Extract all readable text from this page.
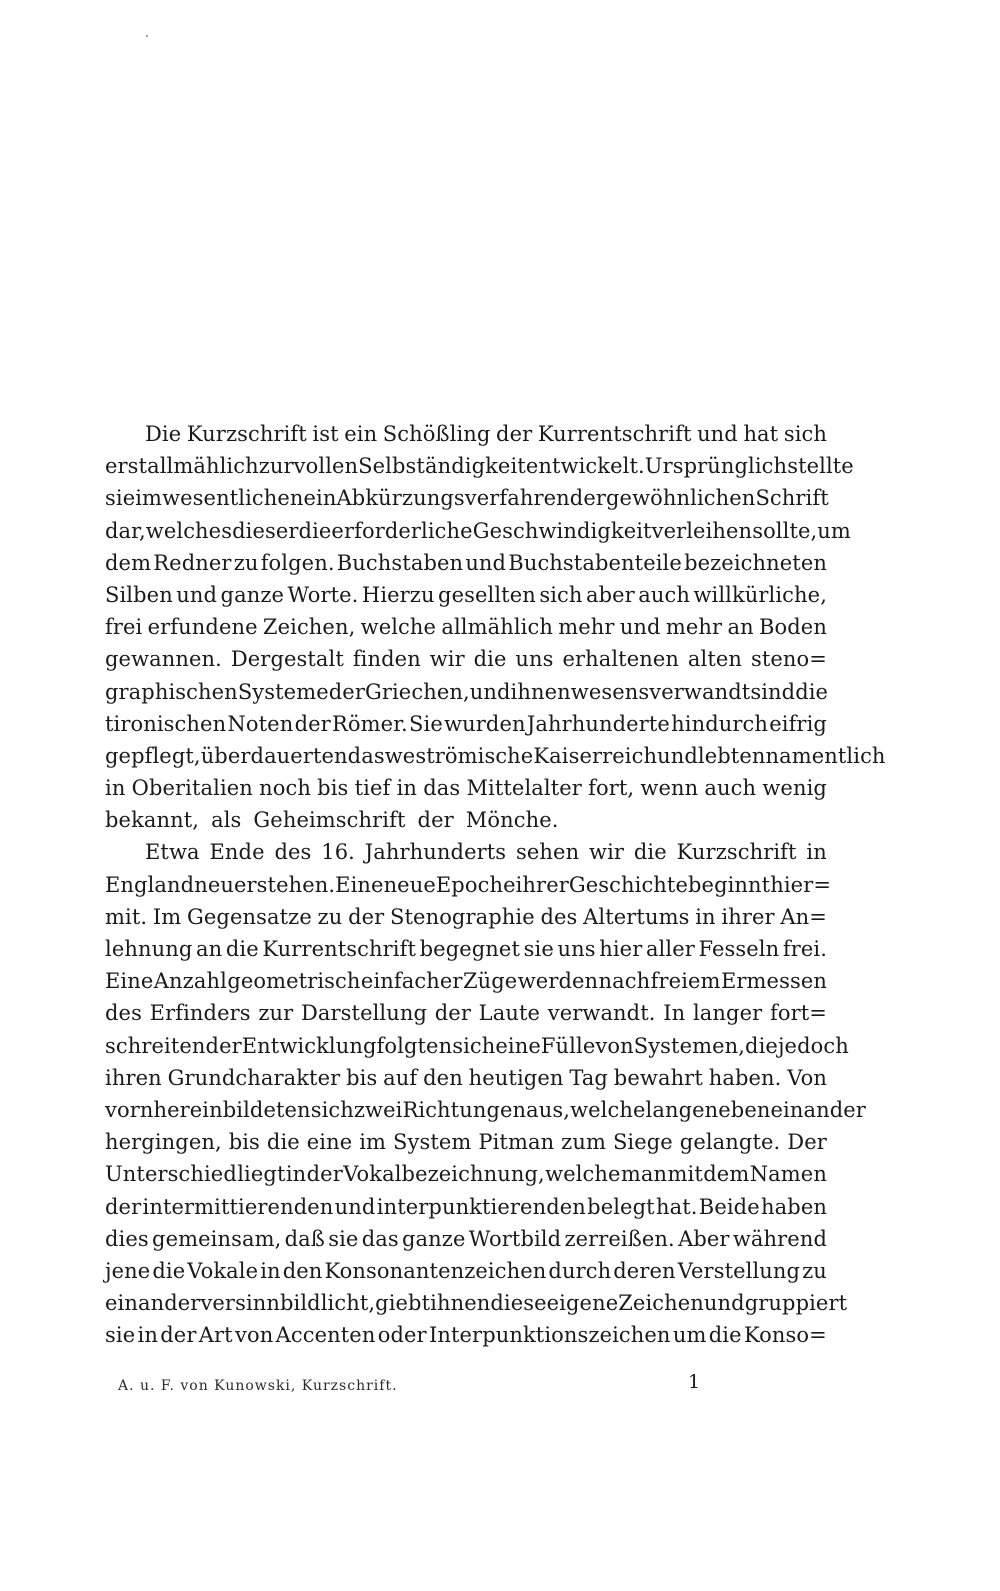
Die Kurzschrift ist ein Schößling der Kurrentschrift und hat sich
erst allmählich zur vollen Selbständigkeit entwickelt. Ursprünglich stellte
sie im wesentlichen ein Abkürzungsverfahren der gewöhnlichen Schrift
dar, welches dieser die erforderliche Geschwindigkeit verleihen sollte, um
dem Redner zu folgen. Buchstaben und Buchstabenteile bezeichneten
Silben und ganze Worte. Hierzu gesellten sich aber auch willkürliche,
frei erfundene Zeichen, welche allmählich mehr und mehr an Boden
gewannen. Dergestalt finden wir die uns erhaltenen alten steno=
graphischen Systeme der Griechen, und ihnen wesensverwandt sind die
tironischen Noten der Römer. Sie wurden Jahrhunderte hindurch eifrig
gepflegt, überdauerten das weströmische Kaiserreich und lebten namentlich
in Oberitalien noch bis tief in das Mittelalter fort, wenn auch wenig
bekannt, als Geheimschrift der Mönche.
Etwa Ende des 16. Jahrhunderts sehen wir die Kurzschrift in
England neu erstehen. Eine neue Epoche ihrer Geschichte beginnt hier=
mit. Im Gegensatze zu der Stenographie des Altertums in ihrer An=
lehnung an die Kurrentschrift begegnet sie uns hier aller Fesseln frei.
Eine Anzahl geometrisch einfacher Züge werden nach freiem Ermessen
des Erfinders zur Darstellung der Laute verwandt. In langer fort=
schreitender Entwicklung folgten sich eine Fülle von Systemen, die jedoch
ihren Grundcharakter bis auf den heutigen Tag bewahrt haben. Von
vornherein bildeten sich zwei Richtungen aus, welche lange nebeneinander
hergingen, bis die eine im System Pitman zum Siege gelangte. Der
Unterschied liegt in der Vokalbezeichnung, welche man mit dem Namen
der intermittierenden und interpunktierenden belegt hat. Beide haben
dies gemeinsam, daß sie das ganze Wortbild zerreißen. Aber während
jene die Vokale in den Konsonantenzeichen durch deren Verstellung zu
einander versinnbildlicht, giebt ihnen diese eigene Zeichen und gruppiert
sie in der Art von Accenten oder Interpunktionszeichen um die Konso=
A. u. F. von Kunowski, Kurzschrift.	1
